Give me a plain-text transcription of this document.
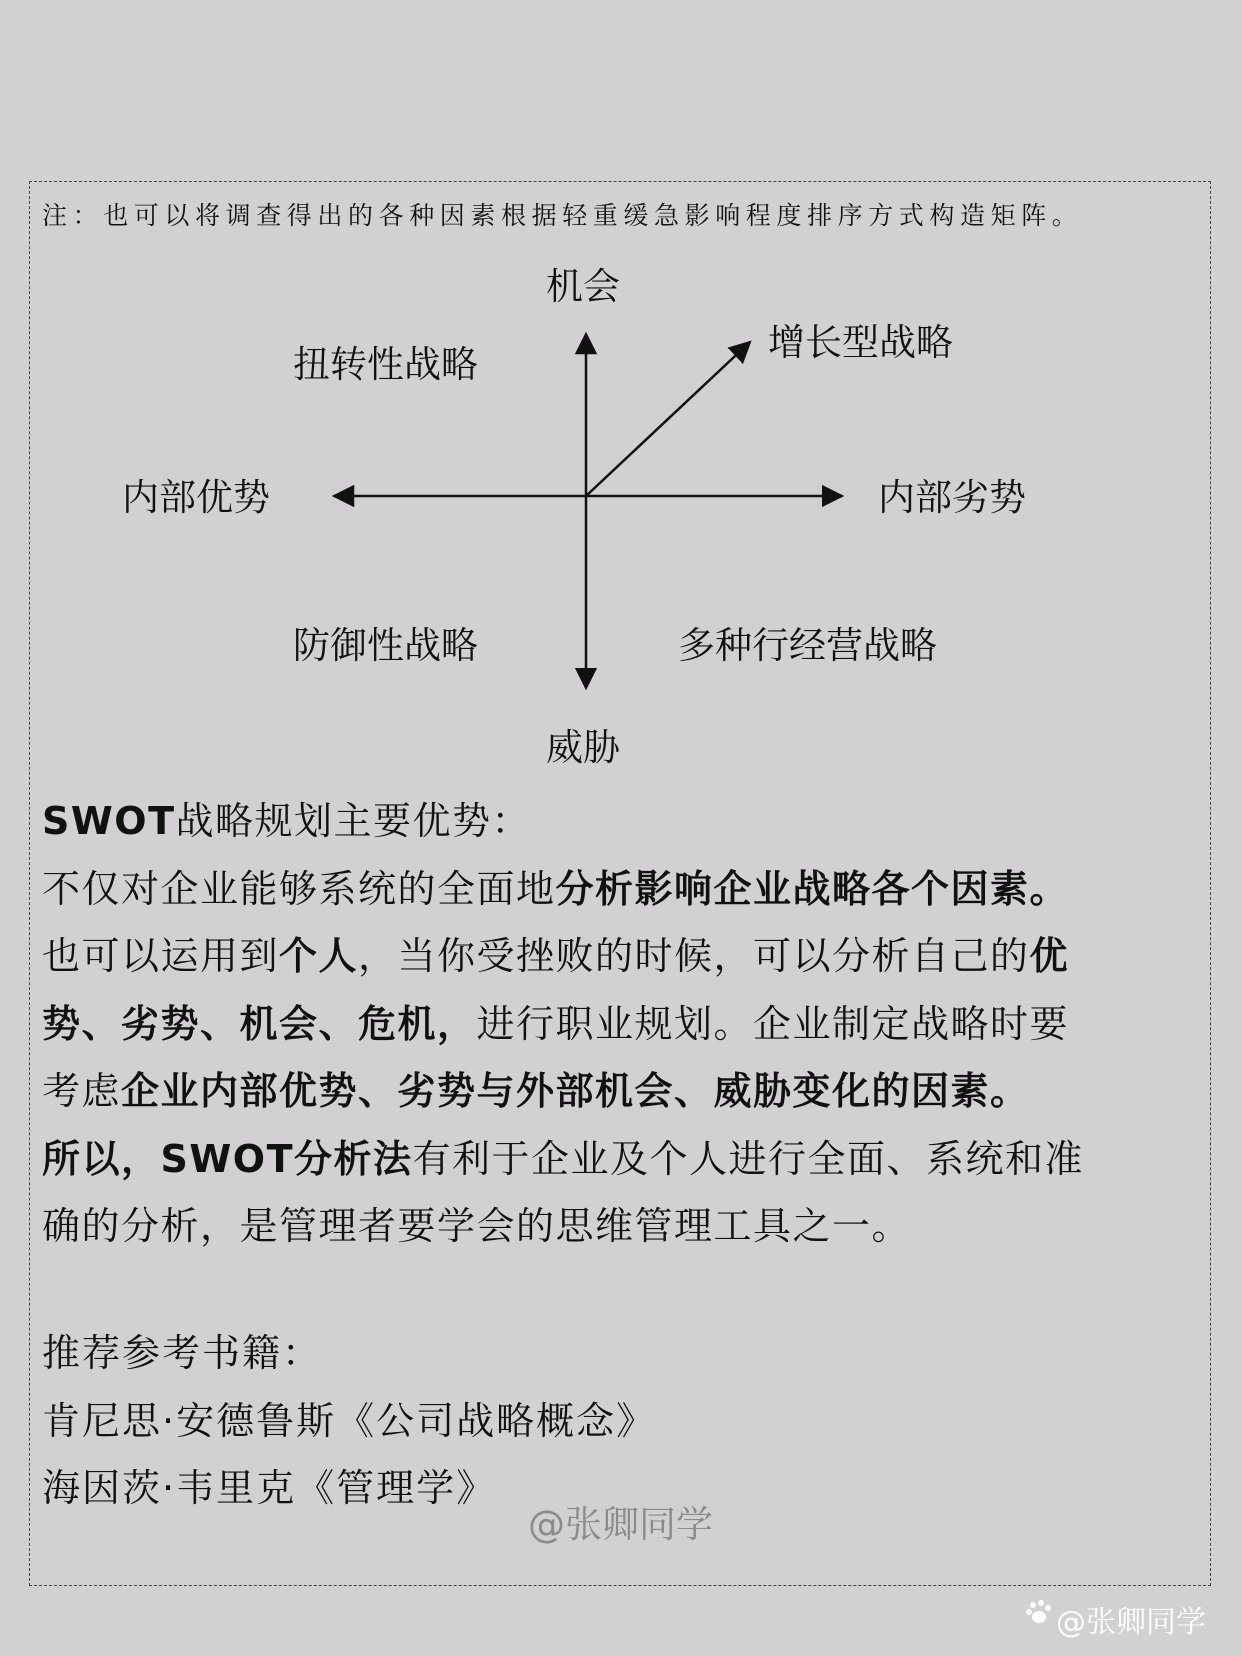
注：也可以将调查得出的各种因素根据轻重缓急影响程度排序方式构造矩阵。

机会

威胁

内部优势	内部劣势

扭转性战略

增长型战略

防御性战略	多种行经营战略

SWOT战略规划主要优势：

不仅对企业能够系统的全面地分析影响企业战略各个因素。

也可以运用到个人，当你受挫败的时候，可以分析自己的优

势、劣势、机会、危机，进行职业规划。企业制定战略时要

考虑企业内部优势、劣势与外部机会、威胁变化的因素。

所以，SWOT分析法有利于企业及个人进行全面、系统和准

确的分析，是管理者要学会的思维管理工具之一。

推荐参考书籍：

肯尼思·安德鲁斯《公司战略概念》

海因茨·韦里克《管理学》

@张卿同学
@张卿同学
